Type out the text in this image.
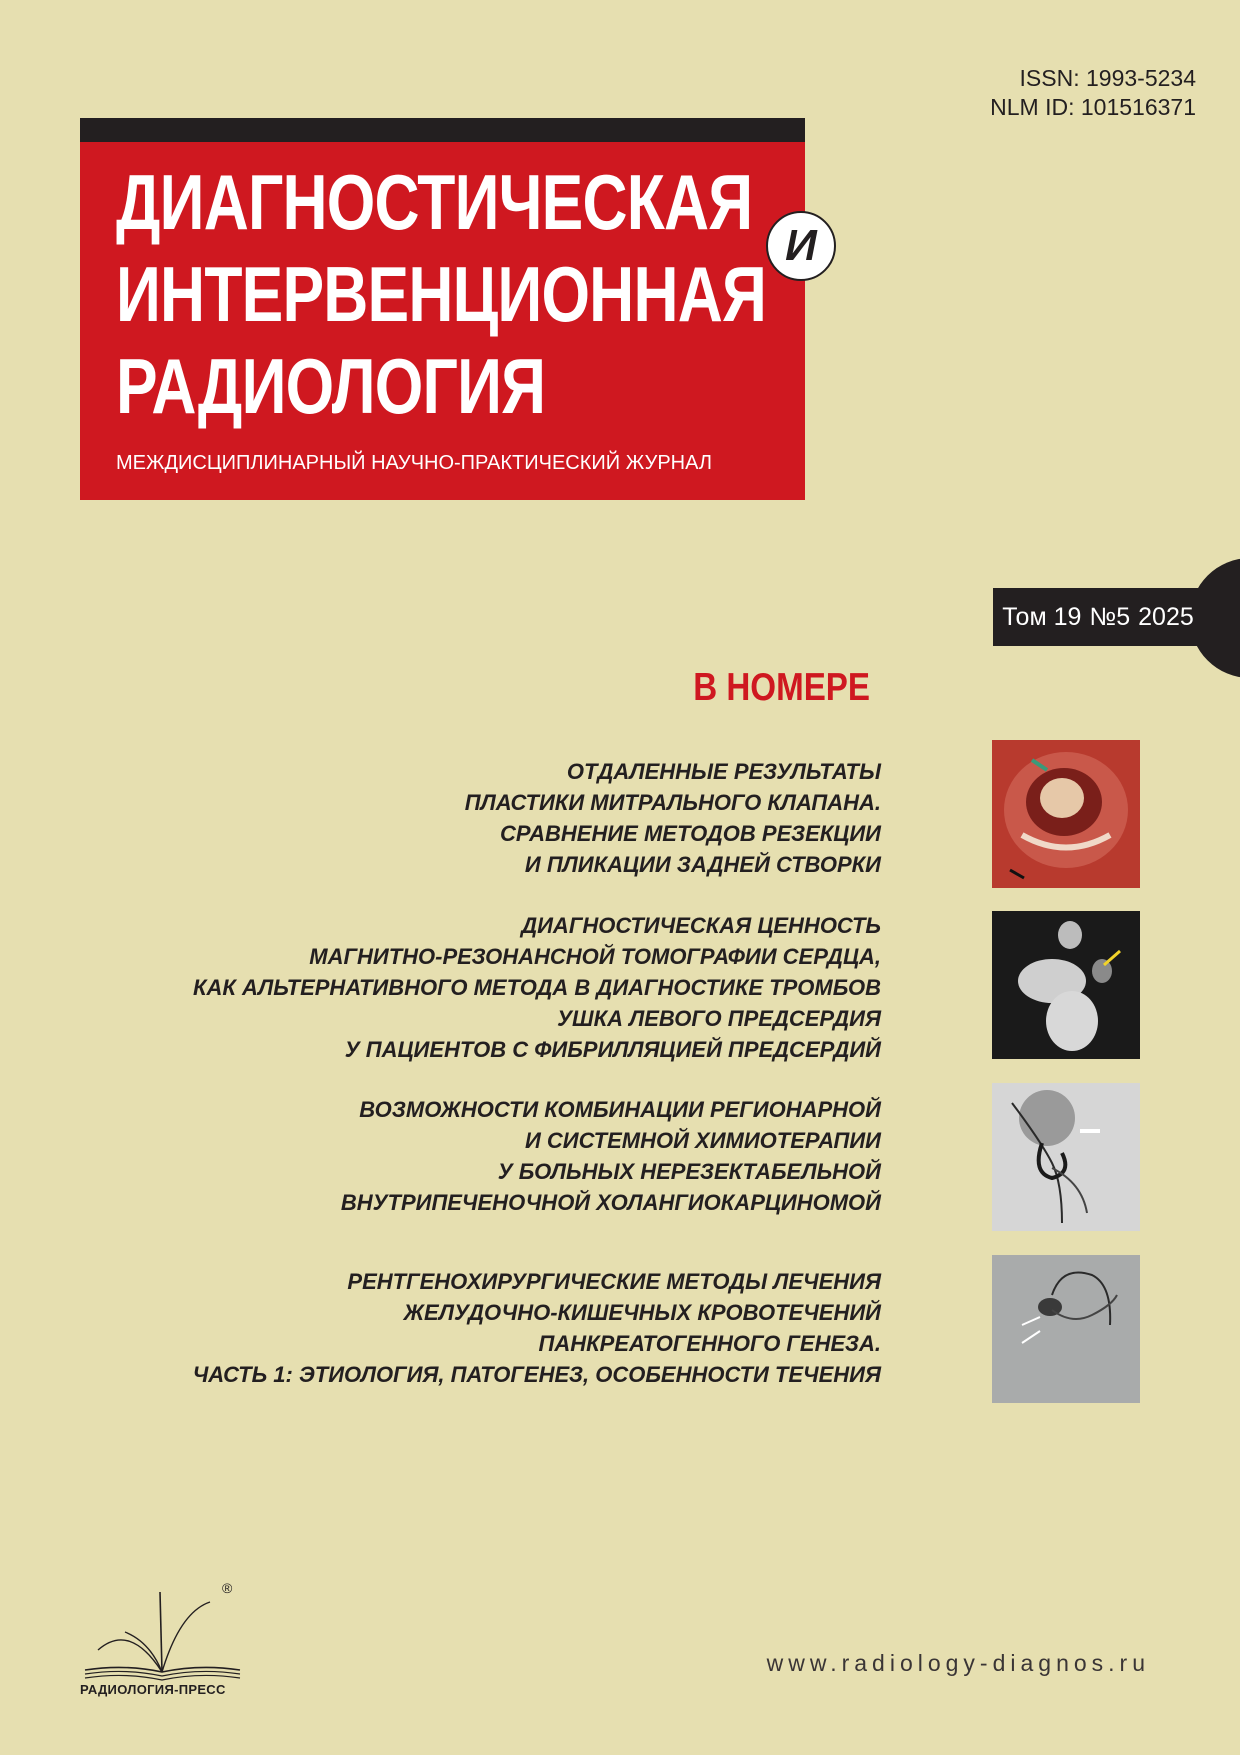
ISSN: 1993-5234
NLM ID: 101516371
ДИАГНОСТИЧЕСКАЯ
ИНТЕРВЕНЦИОННАЯ
РАДИОЛОГИЯ
МЕЖДИСЦИПЛИНАРНЫЙ НАУЧНО-ПРАКТИЧЕСКИЙ ЖУРНАЛ
И
Том 19 №5 2025
В НОМЕРЕ
ОТДАЛЕННЫЕ РЕЗУЛЬТАТЫ
ПЛАСТИКИ МИТРАЛЬНОГО КЛАПАНА.
СРАВНЕНИЕ МЕТОДОВ РЕЗЕКЦИИ
И ПЛИКАЦИИ ЗАДНЕЙ СТВОРКИ
ДИАГНОСТИЧЕСКАЯ ЦЕННОСТЬ
МАГНИТНО-РЕЗОНАНСНОЙ ТОМОГРАФИИ СЕРДЦА,
КАК АЛЬТЕРНАТИВНОГО МЕТОДА В ДИАГНОСТИКЕ ТРОМБОВ
УШКА ЛЕВОГО ПРЕДСЕРДИЯ
У ПАЦИЕНТОВ С ФИБРИЛЛЯЦИЕЙ ПРЕДСЕРДИЙ
ВОЗМОЖНОСТИ КОМБИНАЦИИ РЕГИОНАРНОЙ
И СИСТЕМНОЙ ХИМИОТЕРАПИИ
У БОЛЬНЫХ НЕРЕЗЕКТАБЕЛЬНОЙ
ВНУТРИПЕЧЕНОЧНОЙ ХОЛАНГИОКАРЦИНОМОЙ
РЕНТГЕНОХИРУРГИЧЕСКИЕ МЕТОДЫ ЛЕЧЕНИЯ
ЖЕЛУДОЧНО-КИШЕЧНЫХ КРОВОТЕЧЕНИЙ
ПАНКРЕАТОГЕННОГО ГЕНЕЗА.
ЧАСТЬ 1: ЭТИОЛОГИЯ, ПАТОГЕНЕЗ, ОСОБЕННОСТИ ТЕЧЕНИЯ
®
РАДИОЛОГИЯ-ПРЕСС
www.radiology-diagnos.ru
